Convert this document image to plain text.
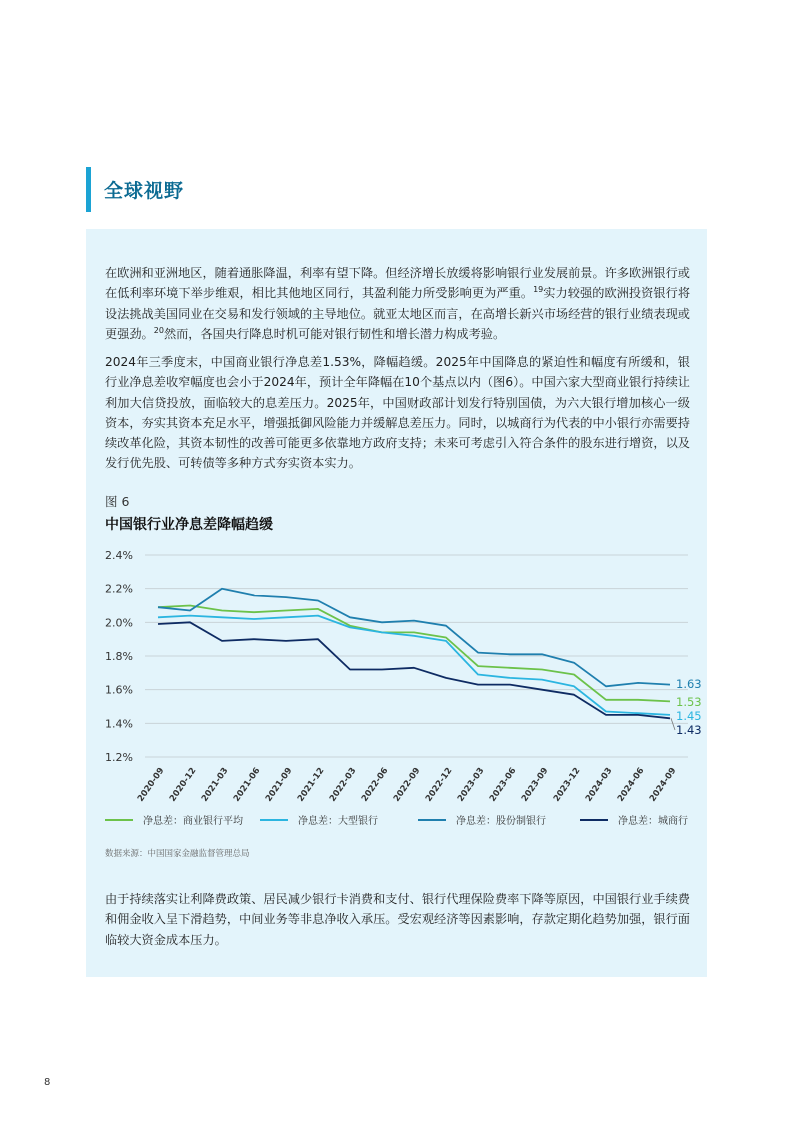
全球视野

在欧洲和亚洲地区，随着通胀降温，利率有望下降。但经济增长放缓将影响银行业发展前景。许多欧洲银行或在低利率环境下举步维艰，相比其他地区同行，其盈利能力所受影响更为严重。$^{19}$实力较强的欧洲投资银行将设法挑战美国同业在交易和发行领域的主导地位。就亚太地区而言，在高增长新兴市场经营的银行业绩表现或更强劲。$^{20}$然而，各国央行降息时机可能对银行韧性和增长潜力构成考验。

2024年三季度末，中国商业银行净息差1.53%，降幅趋缓。2025年中国降息的紧迫性和幅度有所缓和，银行业净息差收窄幅度也会小于2024年，预计全年降幅在10个基点以内（图6）。中国六家大型商业银行持续让利加大信贷投放，面临较大的息差压力。2025年，中国财政部计划发行特别国债，为六大银行增加核心一级资本，夯实其资本充足水平，增强抵御风险能力并缓解息差压力。同时，以城商行为代表的中小银行亦需要持续改革化险，其资本韧性的改善可能更多依靠地方政府支持；未来可考虑引入符合条件的股东进行增资，以及发行优先股、可转债等多种方式夯实资本实力。

图 6
中国银行业净息差降幅趋缓
2.4%
2.2%
2.0%
1.8%
1.6%
1.4%
1.2%
2020-09 2020-12 2021-03 2021-06 2021-09 2021-12 2022-03 2022-06 2022-09 2022-12 2023-03 2023-06 2023-09 2023-12 2024-03 2024-06 2024-09
1.53
1.45
1.63
1.43
净息差：商业银行平均	净息差：大型银行	净息差：股份制银行	净息差：城商行
数据来源：中国国家金融监督管理总局

由于持续落实让利降费政策、居民减少银行卡消费和支付、银行代理保险费率下降等原因，中国银行业手续费和佣金收入呈下滑趋势，中间业务等非息净收入承压。受宏观经济等因素影响，存款定期化趋势加强，银行面临较大资金成本压力。

8
